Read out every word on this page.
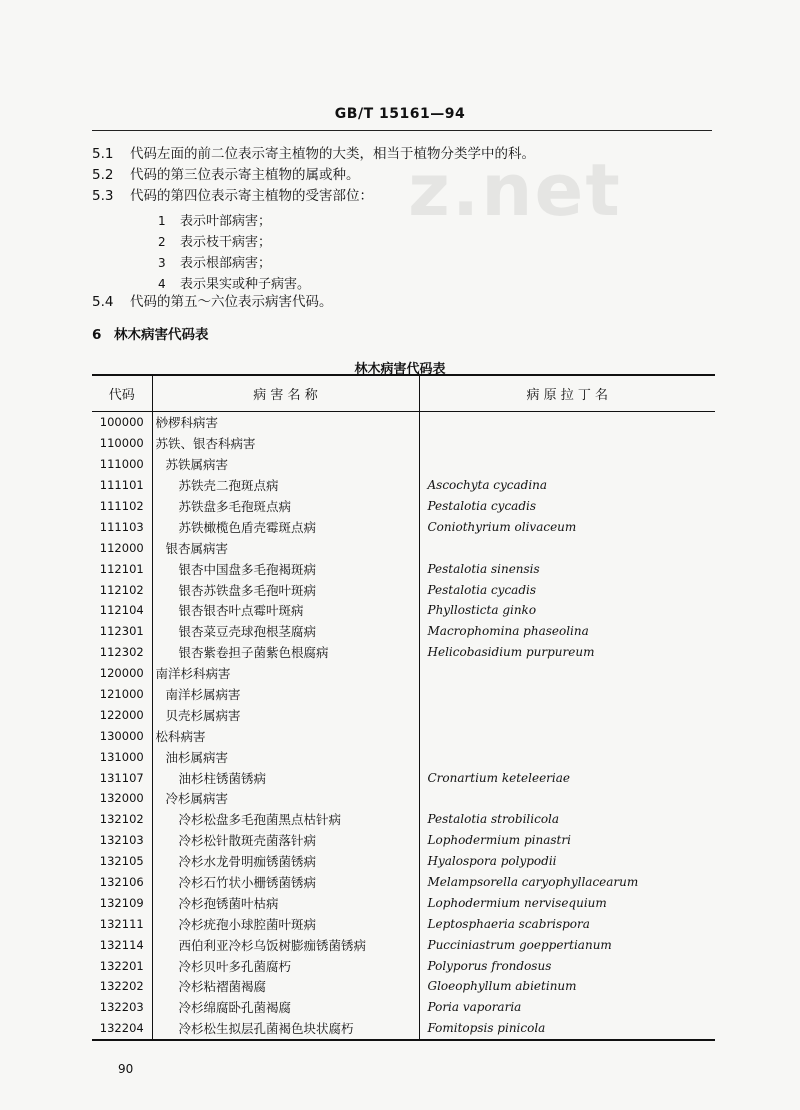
GB/T 15161—94
z.net
5.1 代码左面的前二位表示寄主植物的大类，相当于植物分类学中的科。
5.2 代码的第三位表示寄主植物的属或种。
5.3 代码的第四位表示寄主植物的受害部位：
1 表示叶部病害；
2 表示枝干病害；
3 表示根部病害；
4 表示果实或种子病害。
5.4 代码的第五～六位表示病害代码。
6 林木病害代码表
林木病害代码表
代码	病 害 名 称	病 原 拉 丁 名
100000	桫椤科病害	
110000	苏铁、银杏科病害	
111000	苏铁属病害	
111101	苏铁壳二孢斑点病	Ascochyta cycadina
111102	苏铁盘多毛孢斑点病	Pestalotia cycadis
111103	苏铁橄榄色盾壳霉斑点病	Coniothyrium olivaceum
112000	银杏属病害	
112101	银杏中国盘多毛孢褐斑病	Pestalotia sinensis
112102	银杏苏铁盘多毛孢叶斑病	Pestalotia cycadis
112104	银杏银杏叶点霉叶斑病	Phyllosticta ginko
112301	银杏菜豆壳球孢根茎腐病	Macrophomina phaseolina
112302	银杏紫卷担子菌紫色根腐病	Helicobasidium purpureum
120000	南洋杉科病害	
121000	南洋杉属病害	
122000	贝壳杉属病害	
130000	松科病害	
131000	油杉属病害	
131107	油杉柱锈菌锈病	Cronartium keteleeriae
132000	冷杉属病害	
132102	冷杉松盘多毛孢菌黑点枯针病	Pestalotia strobilicola
132103	冷杉松针散斑壳菌落针病	Lophodermium pinastri
132105	冷杉水龙骨明痂锈菌锈病	Hyalospora polypodii
132106	冷杉石竹状小栅锈菌锈病	Melampsorella caryophyllacearum
132109	冷杉孢锈菌叶枯病	Lophodermium nervisequium
132111	冷杉疣孢小球腔菌叶斑病	Leptosphaeria scabrispora
132114	西伯利亚冷杉乌饭树膨痂锈菌锈病	Pucciniastrum goeppertianum
132201	冷杉贝叶多孔菌腐朽	Polyporus frondosus
132202	冷杉粘褶菌褐腐	Gloeophyllum abietinum
132203	冷杉绵腐卧孔菌褐腐	Poria vaporaria
132204	冷杉松生拟层孔菌褐色块状腐朽	Fomitopsis pinicola
90
